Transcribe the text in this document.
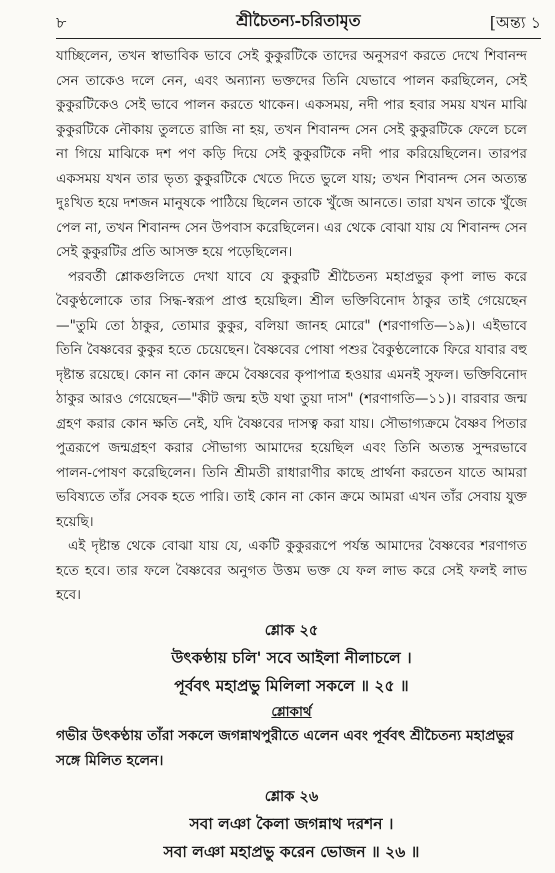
৮	শ্রীচৈতন্য-চরিতামৃত	[অন্ত্য ১

যাচ্ছিলেন, তখন স্বাভাবিক ভাবে সেই কুকুরটিকে তাদের অনুসরণ করতে দেখে শিবানন্দ সেন তাকেও দলে নেন, এবং অন্যান্য ভক্তদের তিনি যেভাবে পালন করছিলেন, সেই কুকুরটিকেও সেই ভাবে পালন করতে থাকেন। একসময়, নদী পার হবার সময় যখন মাঝি কুকুরটিকে নৌকায় তুলতে রাজি না হয়, তখন শিবানন্দ সেন সেই কুকুরটিকে ফেলে চলে না গিয়ে মাঝিকে দশ পণ কড়ি দিয়ে সেই কুকুরটিকে নদী পার করিয়েছিলেন। তারপর একসময় যখন তার ভৃত্য কুকুরটিকে খেতে দিতে ভুলে যায়; তখন শিবানন্দ সেন অত্যন্ত দুঃখিত হয়ে দশজন মানুষকে পাঠিয়ে ছিলেন তাকে খুঁজে আনতে। তারা যখন তাকে খুঁজে পেল না, তখন শিবানন্দ সেন উপবাস করেছিলেন। এর থেকে বোঝা যায় যে শিবানন্দ সেন সেই কুকুরটির প্রতি আসক্ত হয়ে পড়েছিলেন।

পরবর্তী শ্লোকগুলিতে দেখা যাবে যে কুকুরটি শ্রীচৈতন্য মহাপ্রভুর কৃপা লাভ করে বৈকুণ্ঠলোকে তার সিদ্ধ-স্বরূপ প্রাপ্ত হয়েছিল। শ্রীল ভক্তিবিনোদ ঠাকুর তাই গেয়েছেন—"তুমি তো ঠাকুর, তোমার কুকুর, বলিয়া জানহ মোরে" (শরণাগতি—১৯)। এইভাবে তিনি বৈষ্ণবের কুকুর হতে চেয়েছেন। বৈষ্ণবের পোষা পশুর বৈকুণ্ঠলোকে ফিরে যাবার বহু দৃষ্টান্ত রয়েছে। কোন না কোন ক্রমে বৈষ্ণবের কৃপাপাত্র হওয়ার এমনই সুফল। ভক্তিবিনোদ ঠাকুর আরও গেয়েছেন—"কীট জন্ম হউ যথা তুয়া দাস" (শরণাগতি—১১)। বারবার জন্ম গ্রহণ করার কোন ক্ষতি নেই, যদি বৈষ্ণবের দাসত্ব করা যায়। সৌভাগ্যক্রমে বৈষ্ণব পিতার পুত্ররূপে জন্মগ্রহণ করার সৌভাগ্য আমাদের হয়েছিল এবং তিনি অত্যন্ত সুন্দরভাবে পালন-পোষণ করেছিলেন। তিনি শ্রীমতী রাধারাণীর কাছে প্রার্থনা করতেন যাতে আমরা ভবিষ্যতে তাঁর সেবক হতে পারি। তাই কোন না কোন ক্রমে আমরা এখন তাঁর সেবায় যুক্ত হয়েছি।

এই দৃষ্টান্ত থেকে বোঝা যায় যে, একটি কুকুররূপে পর্যন্ত আমাদের বৈষ্ণবের শরণাগত হতে হবে। তার ফলে বৈষ্ণবের অনুগত উত্তম ভক্ত যে ফল লাভ করে সেই ফলই লাভ হবে।

শ্লোক ২৫
উৎকণ্ঠায় চলি' সবে আইলা নীলাচলে ।
পূর্ববৎ মহাপ্রভু মিলিলা সকলে ॥ ২৫ ॥
শ্লোকার্থ

গভীর উৎকণ্ঠায় তাঁরা সকলে জগন্নাথপুরীতে এলেন এবং পূর্ববৎ শ্রীচৈতন্য মহাপ্রভুর সঙ্গে মিলিত হলেন।

শ্লোক ২৬
সবা লঞা কৈলা জগন্নাথ দরশন ।
সবা লঞা মহাপ্রভু করেন ভোজন ॥ ২৬ ॥
